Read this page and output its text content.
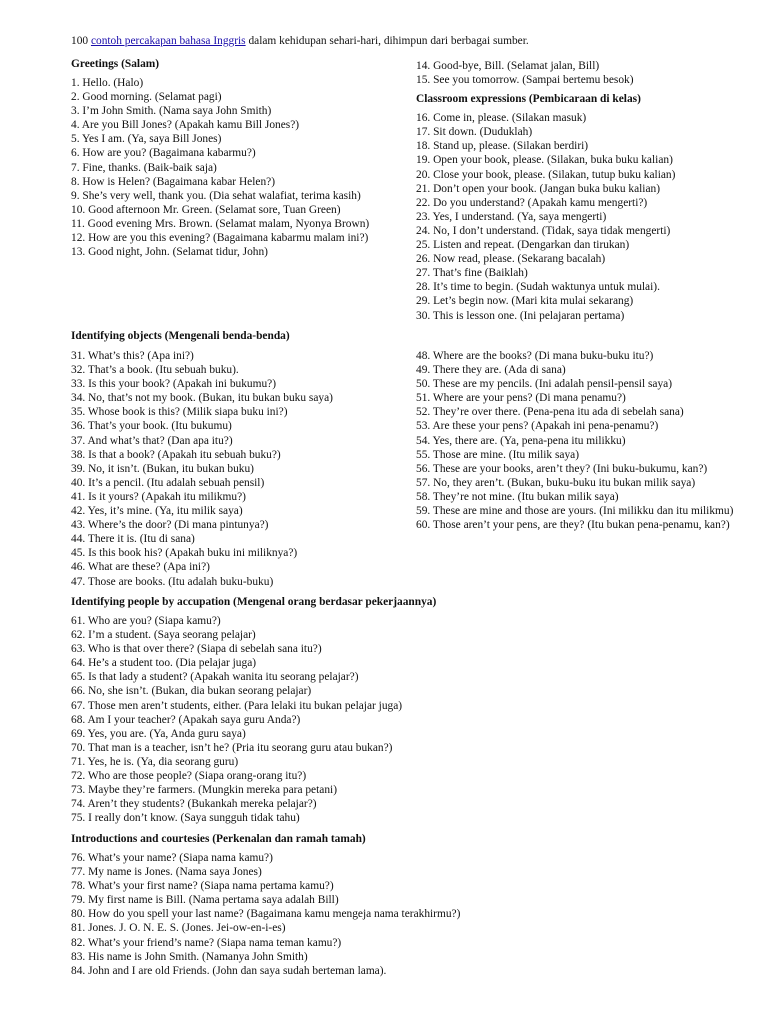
100 contoh percakapan bahasa Inggris dalam kehidupan sehari-hari, dihimpun dari berbagai sumber.
Greetings (Salam)
1. Hello. (Halo)
2. Good morning. (Selamat pagi)
3. I’m John Smith. (Nama saya John Smith)
4. Are you Bill Jones? (Apakah kamu Bill Jones?)
5. Yes I am. (Ya, saya Bill Jones)
6. How are you? (Bagaimana kabarmu?)
7. Fine, thanks. (Baik-baik saja)
8. How is Helen? (Bagaimana kabar Helen?)
9. She’s very well, thank you. (Dia sehat walafiat, terima kasih)
10. Good afternoon Mr. Green. (Selamat sore, Tuan Green)
11. Good evening Mrs. Brown. (Selamat malam, Nyonya Brown)
12. How are you this evening? (Bagaimana kabarmu malam ini?)
13. Good night, John. (Selamat tidur, John)
14. Good-bye, Bill. (Selamat jalan, Bill)
15. See you tomorrow. (Sampai bertemu besok)
Classroom expressions (Pembicaraan di kelas)
16. Come in, please. (Silakan masuk)
17. Sit down. (Duduklah)
18. Stand up, please. (Silakan berdiri)
19. Open your book, please. (Silakan, buka buku kalian)
20. Close your book, please. (Silakan, tutup buku kalian)
21. Don’t open your book. (Jangan buka buku kalian)
22. Do you understand? (Apakah kamu mengerti?)
23. Yes, I understand. (Ya, saya mengerti)
24. No, I don’t understand. (Tidak, saya tidak mengerti)
25. Listen and repeat. (Dengarkan dan tirukan)
26. Now read, please. (Sekarang bacalah)
27. That’s fine (Baiklah)
28. It’s time to begin. (Sudah waktunya untuk mulai).
29. Let’s begin now. (Mari kita mulai sekarang)
30. This is lesson one. (Ini pelajaran pertama)
Identifying objects (Mengenali benda-benda)
31. What’s this? (Apa ini?)
32. That’s a book. (Itu sebuah buku).
33. Is this your book? (Apakah ini bukumu?)
34. No, that’s not my book. (Bukan, itu bukan buku saya)
35. Whose book is this? (Milik siapa buku ini?)
36. That’s your book. (Itu bukumu)
37. And what’s that? (Dan apa itu?)
38. Is that a book? (Apakah itu sebuah buku?)
39. No, it isn’t. (Bukan, itu bukan buku)
40. It’s a pencil. (Itu adalah sebuah pensil)
41. Is it yours? (Apakah itu milikmu?)
42. Yes, it’s mine. (Ya, itu milik saya)
43. Where’s the door? (Di mana pintunya?)
44. There it is. (Itu di sana)
45. Is this book his? (Apakah buku ini miliknya?)
46. What are these? (Apa ini?)
47. Those are books. (Itu adalah buku-buku)
48. Where are the books? (Di mana buku-buku itu?)
49. There they are. (Ada di sana)
50. These are my pencils. (Ini adalah pensil-pensil saya)
51. Where are your pens? (Di mana penamu?)
52. They’re over there. (Pena-pena itu ada di sebelah sana)
53. Are these your pens? (Apakah ini pena-penamu?)
54. Yes, there are. (Ya, pena-pena itu milikku)
55. Those are mine. (Itu milik saya)
56. These are your books, aren’t they? (Ini buku-bukumu, kan?)
57. No, they aren’t. (Bukan, buku-buku itu bukan milik saya)
58. They’re not mine. (Itu bukan milik saya)
59. These are mine and those are yours. (Ini milikku dan itu milikmu)
60. Those aren’t your pens, are they? (Itu bukan pena-penamu, kan?)
Identifying people by accupation (Mengenal orang berdasar pekerjaannya)
61. Who are you? (Siapa kamu?)
62. I’m a student. (Saya seorang pelajar)
63. Who is that over there? (Siapa di sebelah sana itu?)
64. He’s a student too. (Dia pelajar juga)
65. Is that lady a student? (Apakah wanita itu seorang pelajar?)
66. No, she isn’t. (Bukan, dia bukan seorang pelajar)
67. Those men aren’t students, either. (Para lelaki itu bukan pelajar juga)
68. Am I your teacher? (Apakah saya guru Anda?)
69. Yes, you are. (Ya, Anda guru saya)
70. That man is a teacher, isn’t he? (Pria itu seorang guru atau bukan?)
71. Yes, he is. (Ya, dia seorang guru)
72. Who are those people? (Siapa orang-orang itu?)
73. Maybe they’re farmers. (Mungkin mereka para petani)
74. Aren’t they students? (Bukankah mereka pelajar?)
75. I really don’t know. (Saya sungguh tidak tahu)
Introductions and courtesies (Perkenalan dan ramah tamah)
76. What’s your name? (Siapa nama kamu?)
77. My name is Jones. (Nama saya Jones)
78. What’s your first name? (Siapa nama pertama kamu?)
79. My first name is Bill. (Nama pertama saya adalah Bill)
80. How do you spell your last name? (Bagaimana kamu mengeja nama terakhirmu?)
81. Jones. J. O. N. E. S. (Jones. Jei-ow-en-i-es)
82. What’s your friend’s name? (Siapa nama teman kamu?)
83. His name is John Smith. (Namanya John Smith)
84. John and I are old Friends. (John dan saya sudah berteman lama).
